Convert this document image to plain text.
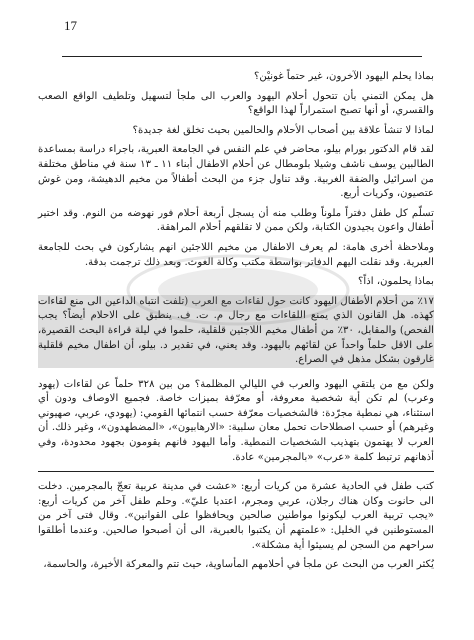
17

بماذا يحلم اليهود الآخرون، غير حتماً غونيْن؟

هل يمكن التمني بأن تتحول أحلام اليهود والعرب الى ملجأ لتسهيل وتلطيف الواقع الصعب والقسري، أو أنها تصبح استمراراً لهذا الواقع؟

لماذا لا تنشأ علاقة بين أصحاب الأحلام والحالمين بحيث تخلق لغة جديدة؟

لقد قام الدكتور بورام بيلو، محاضر في علم النفس في الجامعة العبرية، باجراء دراسة بمساعدة الطالبين يوسف ناشف وشيلا بلومطال عن أحلام الاطفال أبناء ١١ ـ ١٣ سنة في مناطق مختلفة من اسرائيل والضفة الغربية. وقد تناول جزء من البحث أطفالاً من مخيم الدهيشة، ومن غوش عتصيون، وكريات أربع.

تسلّم كل طفل دفتراً ملوناً وطلب منه أن يسجل أربعة أحلام فور نهوضه من النوم. وقد اختير أطفال واعون يجيدون الكتابة، ولكن ممن لا تقلقهم أحلام المراهقة.

وملاحظة أخرى هامة: لم يعرف الاطفال من مخيم اللاجئين انهم يشاركون في بحث للجامعة العبرية. وقد نقلت اليهم الدفاتر بواسطة مكتب وكالة الغوث. وبعد ذلك ترجمت بدقة.

بماذا يحلمون، اذاً؟

١٧٪ من أحلام الأطفال اليهود كانت حول لقاءات مع العرب (تلفت انتباه الداعين الى منع لقاءات كهذه. هل القانون الذي يمنع اللقاءات مع رجال م. ت. ف. ينطبق على الاحلام أيضاً؟ يجب الفحص) والمقابل، ٣٠٪ من أطفال مخيم اللاجئين قلقلية، حلموا في ليلة قراءة البحث القصيرة، على الاقل حلماً واحداً عن لقائهم باليهود. وقد يعني، في تقدير د. بيلو، أن اطفال مخيم قلقلية غارقون بشكل مذهل في الصراع.

ولكن مع من يلتقي اليهود والعرب في الليالي المظلمة؟ من بين ٣٢٨ حلماً عن لقاءات (يهود وعرب) لم تكن أية شخصية معروفة، أو معرّفة بميزات خاصة. فجميع الاوصاف ودون أي استثناء، هي نمطية مجرّدة: فالشخصيات معرّفة حسب انتمائها القومي: (يهودي، عربي، صهيوني وغيرهم) أو حسب اصطلاحات تحمل معان سلبية: «الارهابيون»، «المضطهدون»، وغير ذلك. أن العرب لا يهتمون بتهذيب الشخصيات النمطية. وأما اليهود فانهم يقومون بجهود محدودة، وفي أذهانهم ترتبط كلمة «عرب» «بالمجرمين» عادة.

كتب طفل في الحادية عشرة من كريات أربع: «عشت في مدينة عربية تعجّ بالمجرمين. دخلت الى حانوت وكان هناك رجلان، عربي ومجرم، اعتديا عليّ». وحلم طفل آخر من كريات أربع: «يجب تربية العرب ليكونوا مواطنين صالحين ويحافظوا على القوانين». وقال فتى آخر من المستوطنين في الخليل: «علمتهم أن يكتبوا بالعبرية، الى أن أصبحوا صالحين. وعندما أطلقوا سراحهم من السجن لم يسيئوا أية مشكلة».

يُكثر العرب من البحث عن ملجأ في أحلامهم المأساوية، حيث تتم والمعركة الأخيرة، والحاسمة،
